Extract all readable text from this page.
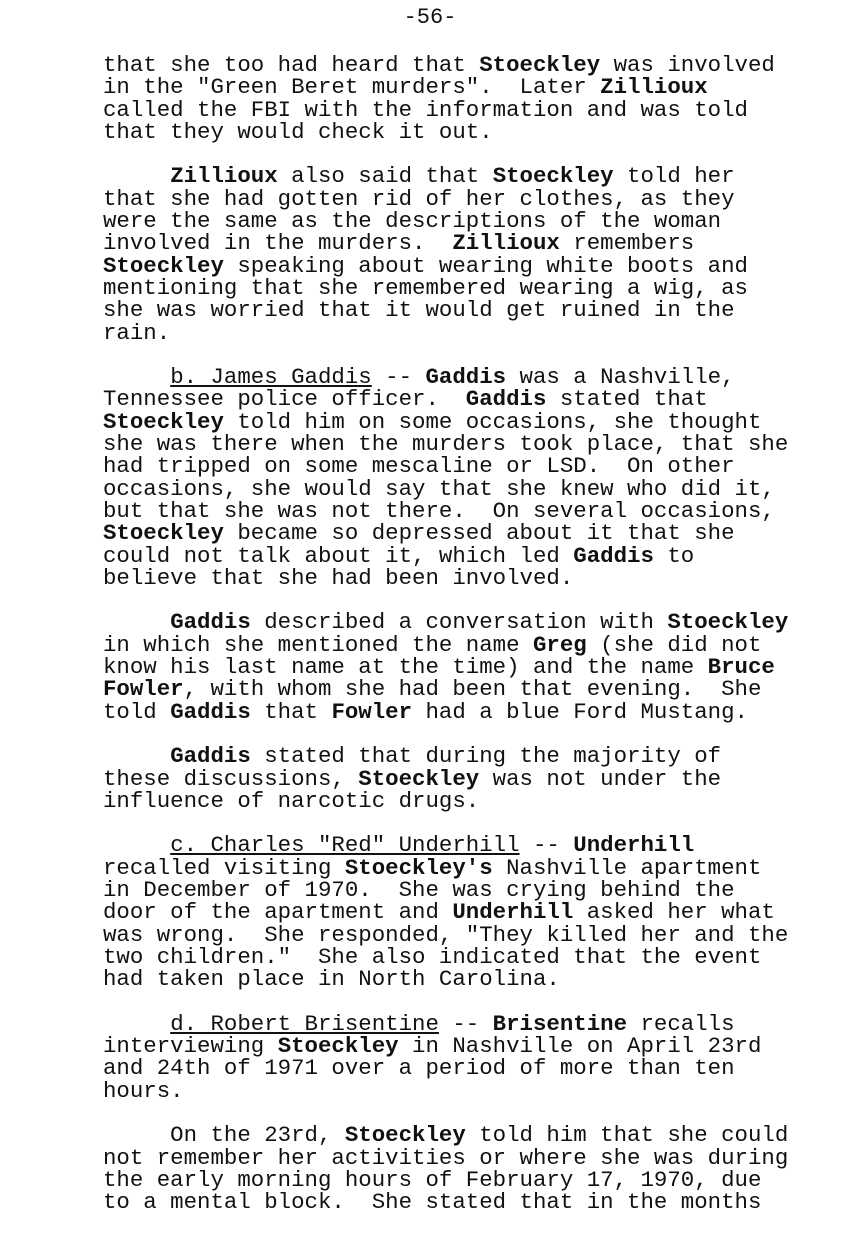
-56-
that she too had heard that Stoeckley was involved
in the "Green Beret murders".  Later Zillioux
called the FBI with the information and was told
that they would check it out.
Zillioux also said that Stoeckley told her
that she had gotten rid of her clothes, as they
were the same as the descriptions of the woman
involved in the murders.  Zillioux remembers
Stoeckley speaking about wearing white boots and
mentioning that she remembered wearing a wig, as
she was worried that it would get ruined in the
rain.
b. James Gaddis -- Gaddis was a Nashville,
Tennessee police officer.  Gaddis stated that
Stoeckley told him on some occasions, she thought
she was there when the murders took place, that she
had tripped on some mescaline or LSD.  On other
occasions, she would say that she knew who did it,
but that she was not there.  On several occasions,
Stoeckley became so depressed about it that she
could not talk about it, which led Gaddis to
believe that she had been involved.
Gaddis described a conversation with Stoeckley
in which she mentioned the name Greg (she did not
know his last name at the time) and the name Bruce
Fowler, with whom she had been that evening.  She
told Gaddis that Fowler had a blue Ford Mustang.
Gaddis stated that during the majority of
these discussions, Stoeckley was not under the
influence of narcotic drugs.
c. Charles "Red" Underhill -- Underhill
recalled visiting Stoeckley's Nashville apartment
in December of 1970.  She was crying behind the
door of the apartment and Underhill asked her what
was wrong.  She responded, "They killed her and the
two children."  She also indicated that the event
had taken place in North Carolina.
d. Robert Brisentine -- Brisentine recalls
interviewing Stoeckley in Nashville on April 23rd
and 24th of 1971 over a period of more than ten
hours.
On the 23rd, Stoeckley told him that she could
not remember her activities or where she was during
the early morning hours of February 17, 1970, due
to a mental block.  She stated that in the months
